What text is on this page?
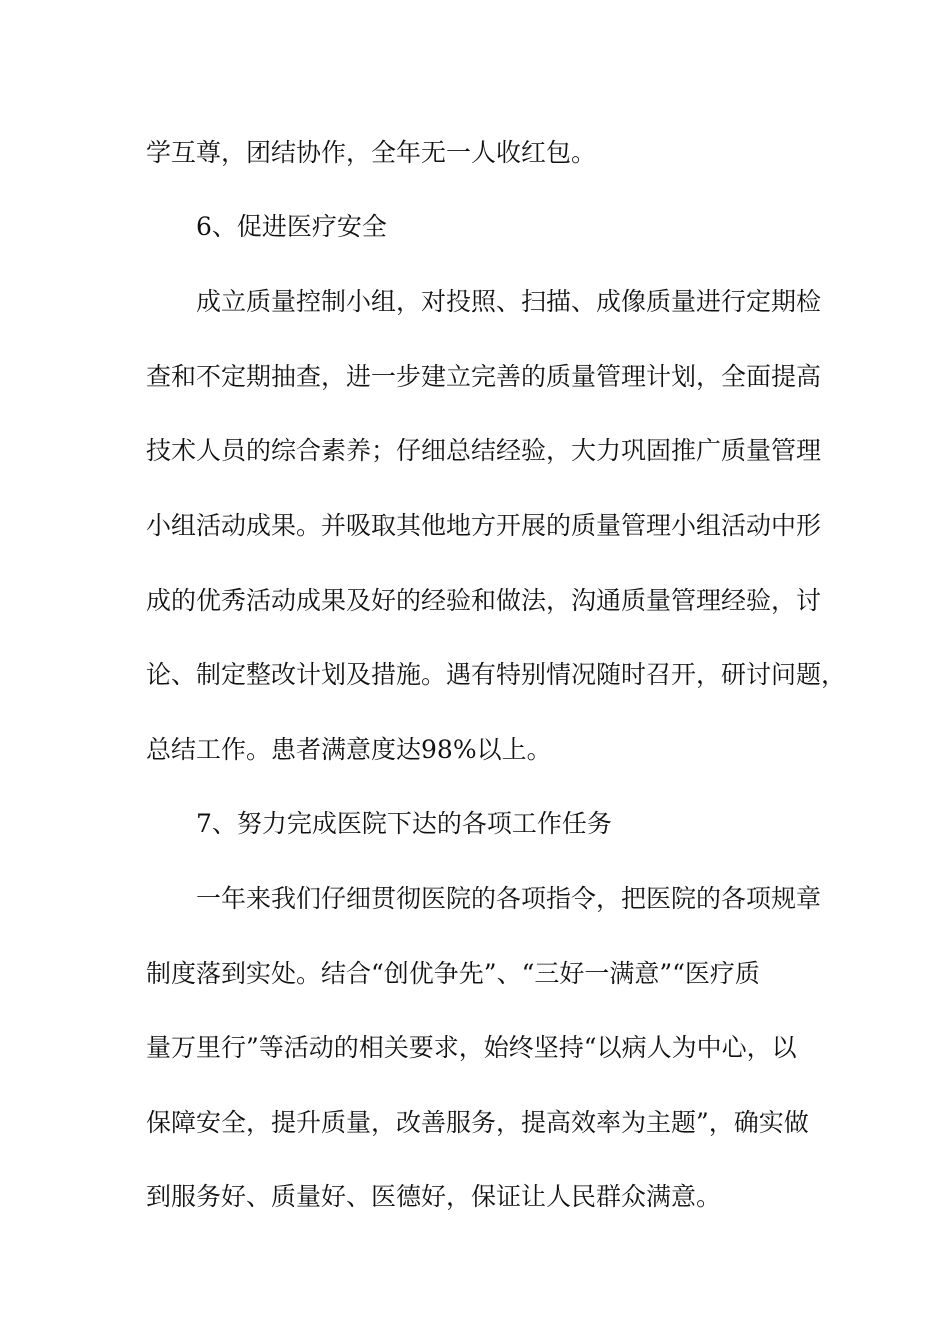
学互尊，团结协作，全年无一人收红包。
6、促进医疗安全
成立质量控制小组，对投照、扫描、成像质量进行定期检
查和不定期抽查，进一步建立完善的质量管理计划，全面提高
技术人员的综合素养；仔细总结经验，大力巩固推广质量管理
小组活动成果。并吸取其他地方开展的质量管理小组活动中形
成的优秀活动成果及好的经验和做法，沟通质量管理经验，讨
论、制定整改计划及措施。遇有特别情况随时召开，研讨问题，
总结工作。患者满意度达98%以上。
7、努力完成医院下达的各项工作任务
一年来我们仔细贯彻医院的各项指令，把医院的各项规章
制度落到实处。结合“创优争先”、“三好一满意”“医疗质
量万里行”等活动的相关要求，始终坚持“以病人为中心，以
保障安全，提升质量，改善服务，提高效率为主题”，确实做
到服务好、质量好、医德好，保证让人民群众满意。
